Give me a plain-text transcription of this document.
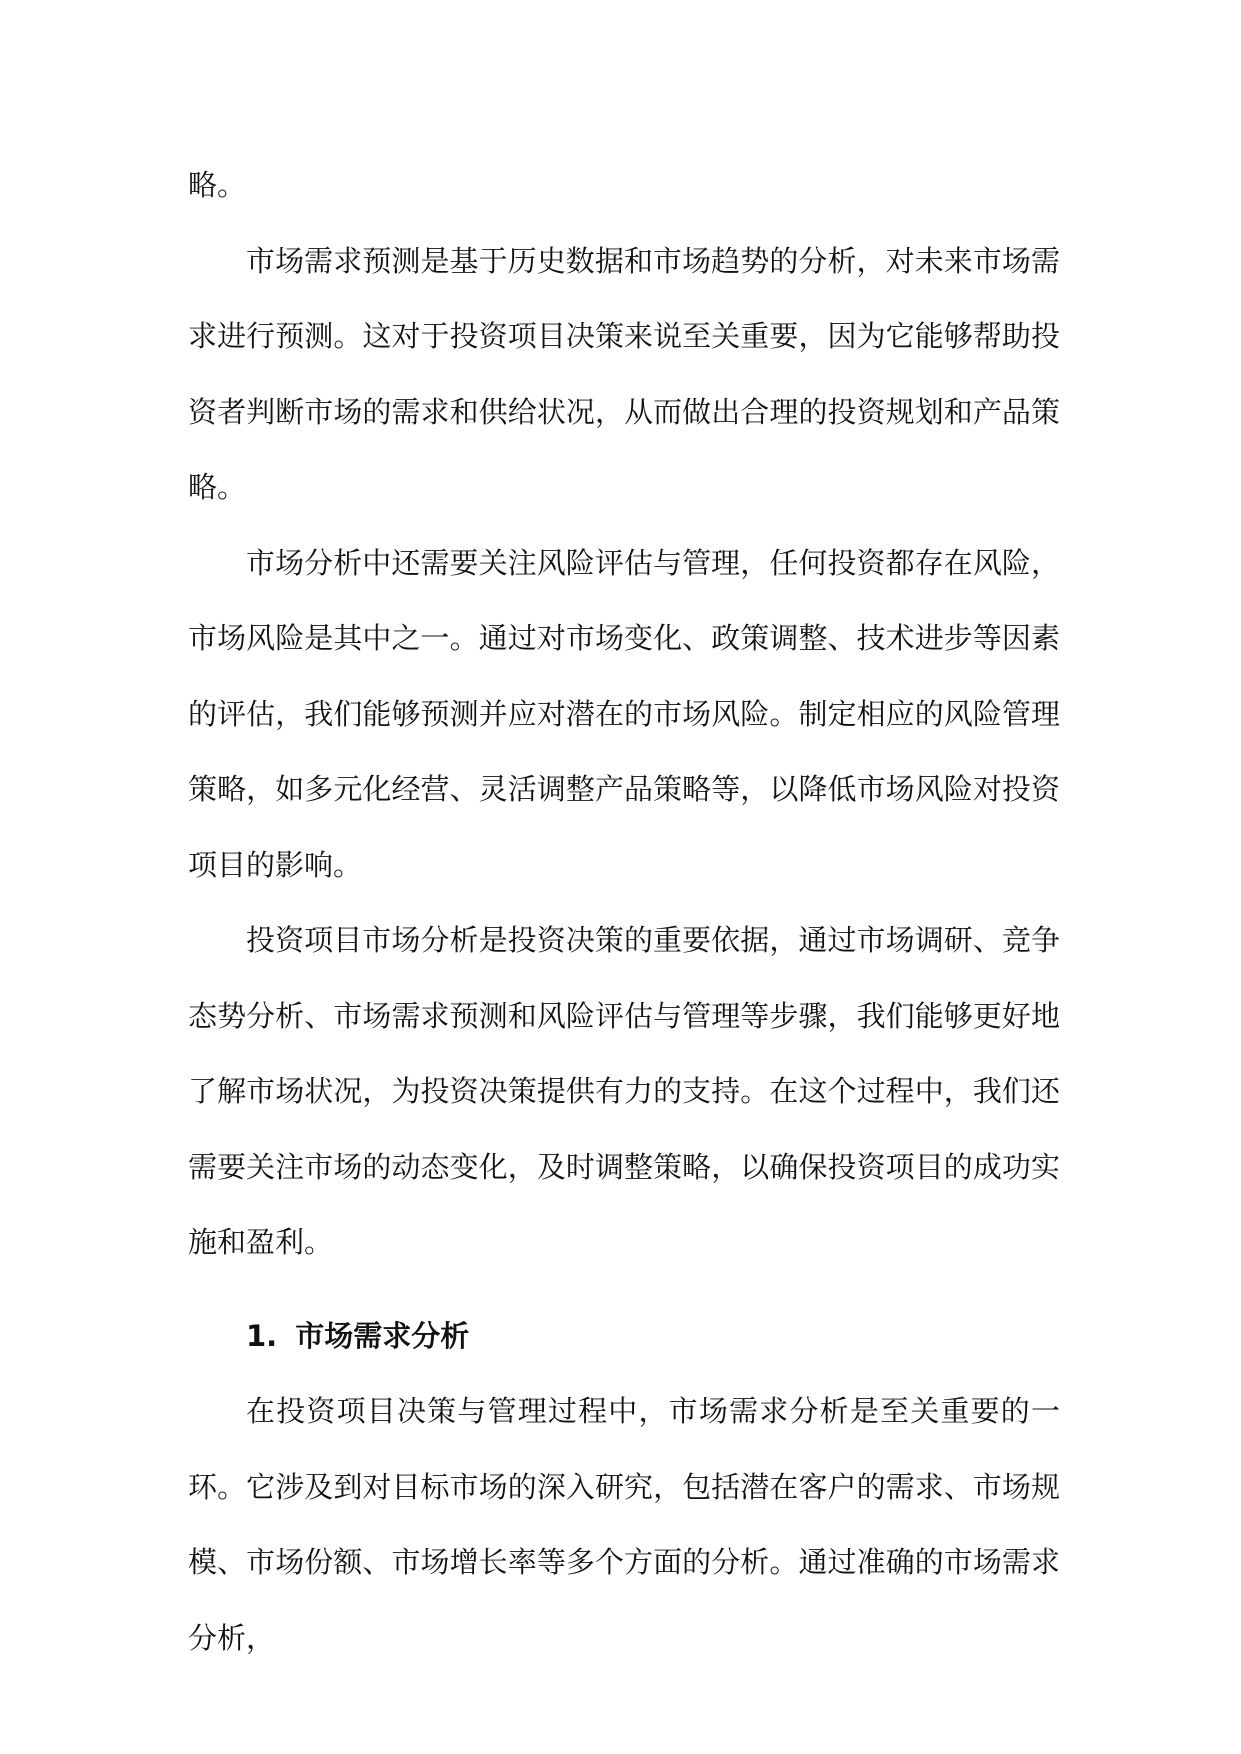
略。

市场需求预测是基于历史数据和市场趋势的分析，对未来市场需求进行预测。这对于投资项目决策来说至关重要，因为它能够帮助投资者判断市场的需求和供给状况，从而做出合理的投资规划和产品策略。

市场分析中还需要关注风险评估与管理，任何投资都存在风险，市场风险是其中之一。通过对市场变化、政策调整、技术进步等因素的评估，我们能够预测并应对潜在的市场风险。制定相应的风险管理策略，如多元化经营、灵活调整产品策略等，以降低市场风险对投资项目的影响。

投资项目市场分析是投资决策的重要依据，通过市场调研、竞争态势分析、市场需求预测和风险评估与管理等步骤，我们能够更好地了解市场状况，为投资决策提供有力的支持。在这个过程中，我们还需要关注市场的动态变化，及时调整策略，以确保投资项目的成功实施和盈利。

1. 市场需求分析

在投资项目决策与管理过程中，市场需求分析是至关重要的一环。它涉及到对目标市场的深入研究，包括潜在客户的需求、市场规模、市场份额、市场增长率等多个方面的分析。通过准确的市场需求分析，
